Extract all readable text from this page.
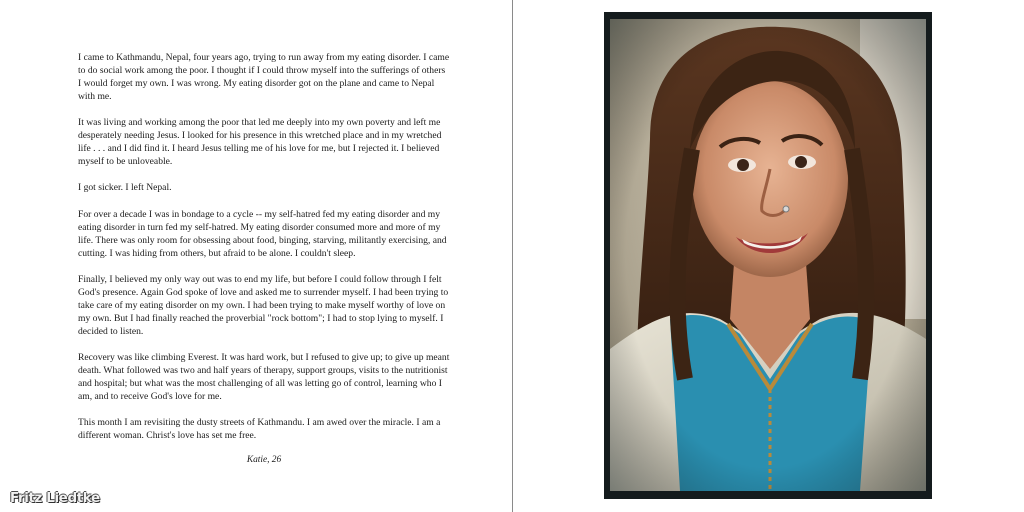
I came to Kathmandu, Nepal, four years ago, trying to run away from my eating disorder. I came to do social work among the poor. I thought if I could throw myself into the sufferings of others I would forget my own. I was wrong. My eating disorder got on the plane and came to Nepal with me.

It was living and working among the poor that led me deeply into my own poverty and left me desperately needing Jesus. I looked for his presence in this wretched place and in my wretched life . . . and I did find it. I heard Jesus telling me of his love for me, but I rejected it. I believed myself to be unloveable.

I got sicker. I left Nepal.

For over a decade I was in bondage to a cycle -- my self-hatred fed my eating disorder and my eating disorder in turn fed my self-hatred. My eating disorder consumed more and more of my life. There was only room for obsessing about food, binging, starving, militantly exercising, and cutting. I was hiding from others, but afraid to be alone. I couldn't sleep.

Finally, I believed my only way out was to end my life, but before I could follow through I felt God's presence. Again God spoke of love and asked me to surrender myself. I had been trying to take care of my eating disorder on my own. I had been trying to make myself worthy of love on my own. But I had finally reached the proverbial "rock bottom"; I had to stop lying to myself. I decided to listen.

Recovery was like climbing Everest. It was hard work, but I refused to give up; to give up meant death. What followed was two and half years of therapy, support groups, visits to the nutritionist and hospital; but what was the most challenging of all was letting go of control, learning who I am, and to receive God's love for me.

This month I am revisiting the dusty streets of Kathmandu. I am awed over the miracle. I am a different woman. Christ's love has set me free.

Katie, 26
Fritz Liedtke
